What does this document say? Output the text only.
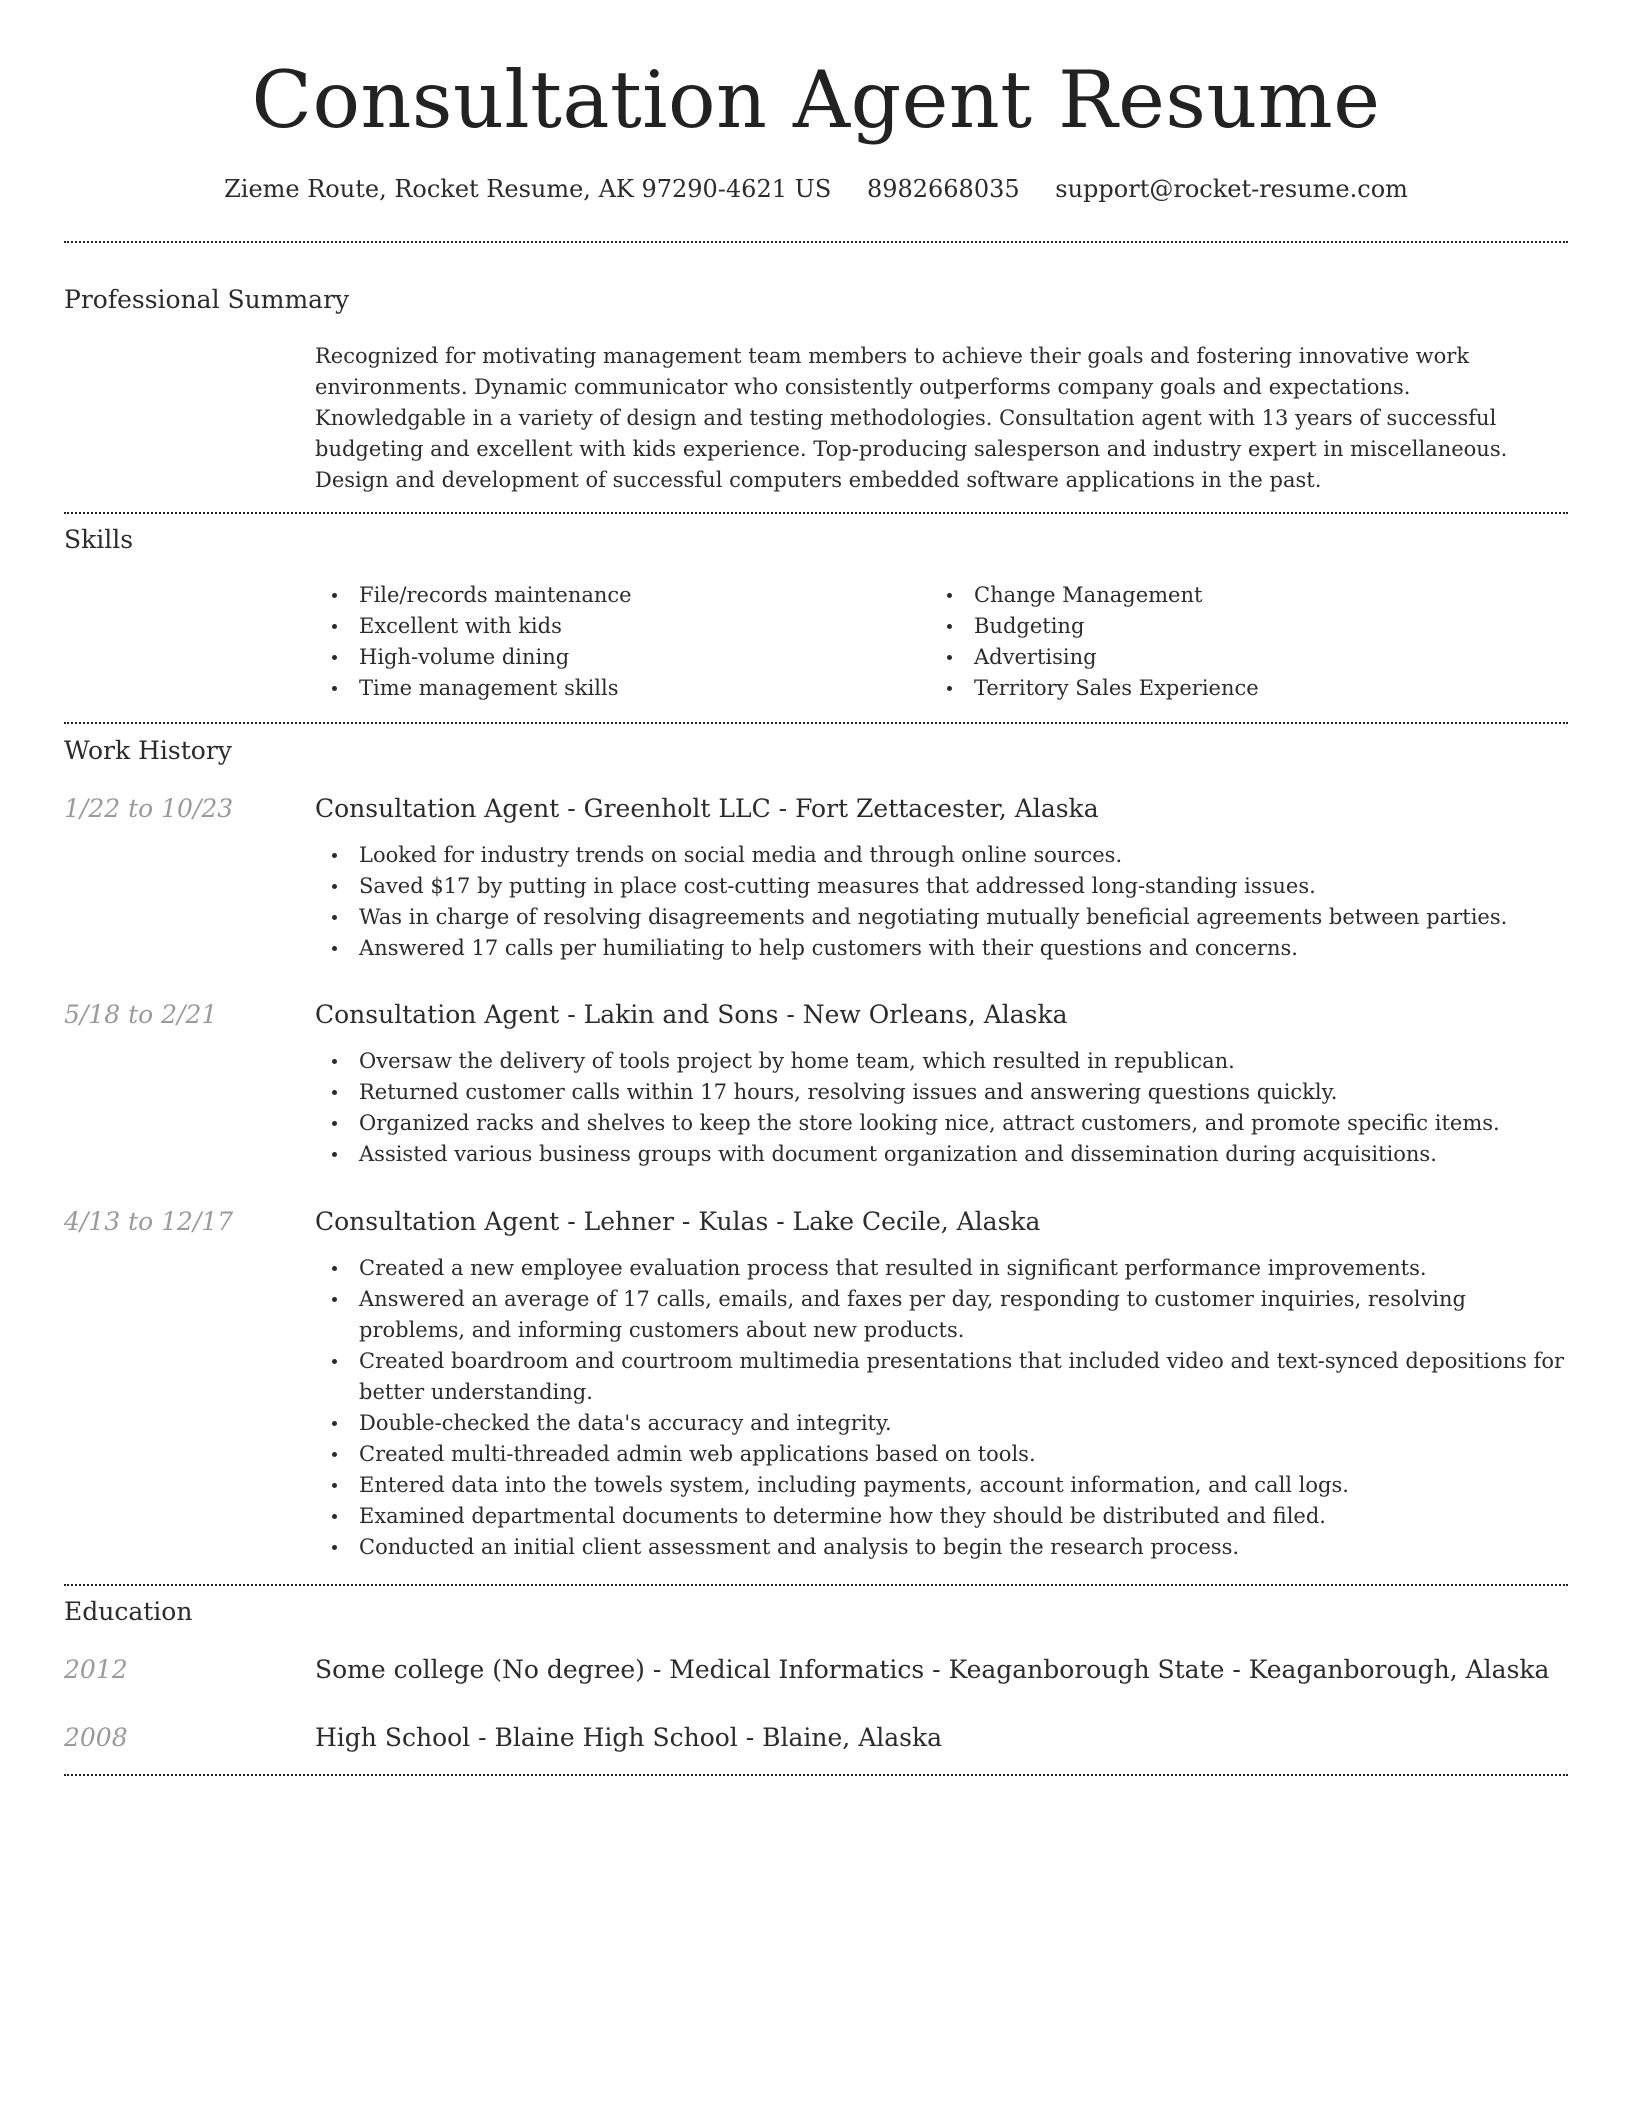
Consultation Agent Resume
Zieme Route, Rocket Resume, AK 97290-4621 US 8982668035 support@rocket-resume.com
Professional Summary

Recognized for motivating management team members to achieve their goals and fostering innovative work environments. Dynamic communicator who consistently outperforms company goals and expectations. Knowledgable in a variety of design and testing methodologies. Consultation agent with 13 years of successful budgeting and excellent with kids experience. Top-producing salesperson and industry expert in miscellaneous. Design and development of successful computers embedded software applications in the past.

Skills
File/records maintenance
Excellent with kids
High-volume dining
Time management skills
Change Management
Budgeting
Advertising
Territory Sales Experience
Work History
1/22 to 10/23	Consultation Agent - Greenholt LLC - Fort Zettacester, Alaska
Looked for industry trends on social media and through online sources.
Saved $17 by putting in place cost-cutting measures that addressed long-standing issues.
Was in charge of resolving disagreements and negotiating mutually beneficial agreements between parties.
Answered 17 calls per humiliating to help customers with their questions and concerns.
5/18 to 2/21	Consultation Agent - Lakin and Sons - New Orleans, Alaska
Oversaw the delivery of tools project by home team, which resulted in republican.
Returned customer calls within 17 hours, resolving issues and answering questions quickly.
Organized racks and shelves to keep the store looking nice, attract customers, and promote specific items.
Assisted various business groups with document organization and dissemination during acquisitions.
4/13 to 12/17	Consultation Agent - Lehner - Kulas - Lake Cecile, Alaska
Created a new employee evaluation process that resulted in significant performance improvements.
Answered an average of 17 calls, emails, and faxes per day, responding to customer inquiries, resolving problems, and informing customers about new products.
Created boardroom and courtroom multimedia presentations that included video and text-synced depositions for better understanding.
Double-checked the data's accuracy and integrity.
Created multi-threaded admin web applications based on tools.
Entered data into the towels system, including payments, account information, and call logs.
Examined departmental documents to determine how they should be distributed and filed.
Conducted an initial client assessment and analysis to begin the research process.
Education
2012	Some college (No degree) - Medical Informatics - Keaganborough State - Keaganborough, Alaska
2008	High School - Blaine High School - Blaine, Alaska
